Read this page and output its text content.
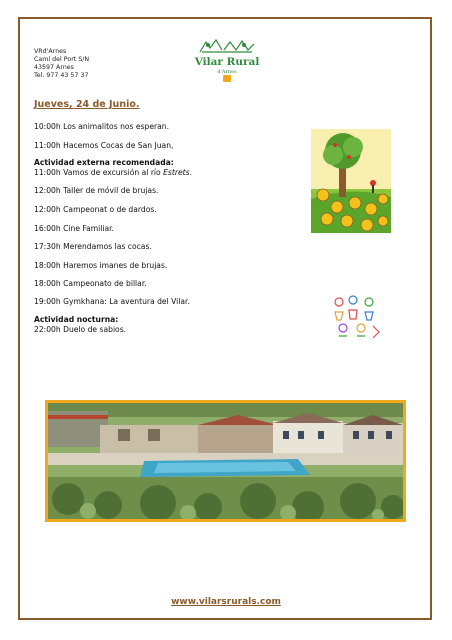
VRd'Arnes
Camí del Port S/N
43597 Arnes
Tel. 977 43 57 37
Vilar Rural
d'Arnes
Jueves, 24 de Junio.
10:00h Los animalitos nos esperan.
11:00h Hacemos Cocas de San Juan,
Actividad externa recomendada:
11:00h Vamos de excursión al río Estrets.
12:00h Taller de móvil de brujas.
12:00h Campeonat o de dardos.
16:00h Cine Familiar.
17:30h Merendamos las cocas.
18:00h Haremos imanes de brujas.
18:00h Campeonato de billar.
19:00h Gymkhana: La aventura del Vilar.
Actividad nocturna:
22:00h Duelo de sabios.
www.vilarsrurals.com
